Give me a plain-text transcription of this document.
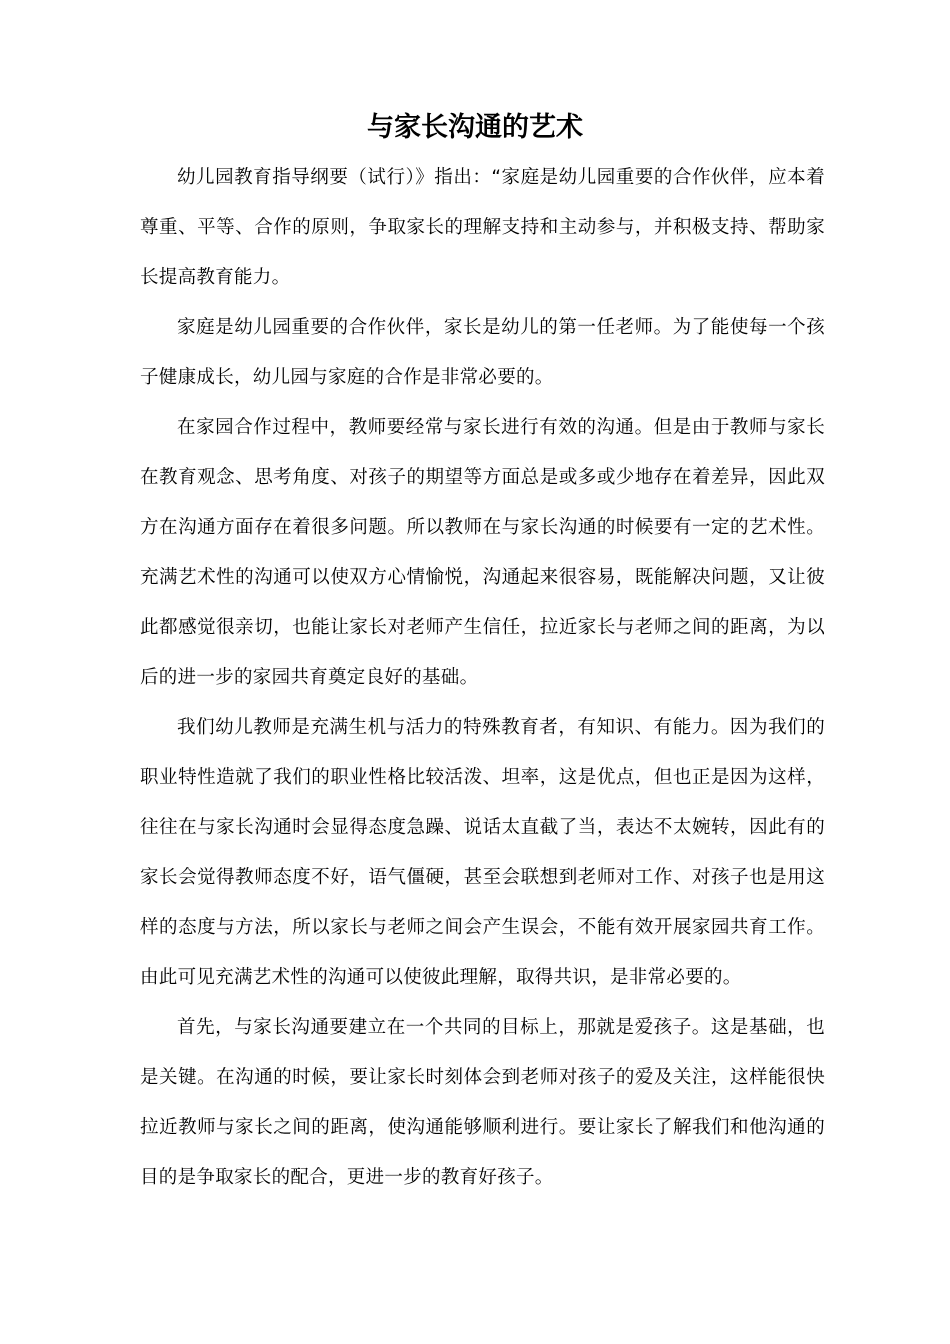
与家长沟通的艺术

幼儿园教育指导纲要（试行）》指出：“家庭是幼儿园重要的合作伙伴，应本着尊重、平等、合作的原则，争取家长的理解支持和主动参与，并积极支持、帮助家长提高教育能力。

家庭是幼儿园重要的合作伙伴，家长是幼儿的第一任老师。为了能使每一个孩子健康成长，幼儿园与家庭的合作是非常必要的。

在家园合作过程中，教师要经常与家长进行有效的沟通。但是由于教师与家长在教育观念、思考角度、对孩子的期望等方面总是或多或少地存在着差异，因此双方在沟通方面存在着很多问题。所以教师在与家长沟通的时候要有一定的艺术性。充满艺术性的沟通可以使双方心情愉悦，沟通起来很容易，既能解决问题，又让彼此都感觉很亲切，也能让家长对老师产生信任，拉近家长与老师之间的距离，为以后的进一步的家园共育奠定良好的基础。

我们幼儿教师是充满生机与活力的特殊教育者，有知识、有能力。因为我们的职业特性造就了我们的职业性格比较活泼、坦率，这是优点，但也正是因为这样，往往在与家长沟通时会显得态度急躁、说话太直截了当，表达不太婉转，因此有的家长会觉得教师态度不好，语气僵硬，甚至会联想到老师对工作、对孩子也是用这样的态度与方法，所以家长与老师之间会产生误会，不能有效开展家园共育工作。由此可见充满艺术性的沟通可以使彼此理解，取得共识，是非常必要的。

首先，与家长沟通要建立在一个共同的目标上，那就是爱孩子。这是基础，也是关键。在沟通的时候，要让家长时刻体会到老师对孩子的爱及关注，这样能很快拉近教师与家长之间的距离，使沟通能够顺利进行。要让家长了解我们和他沟通的目的是争取家长的配合，更进一步的教育好孩子。
